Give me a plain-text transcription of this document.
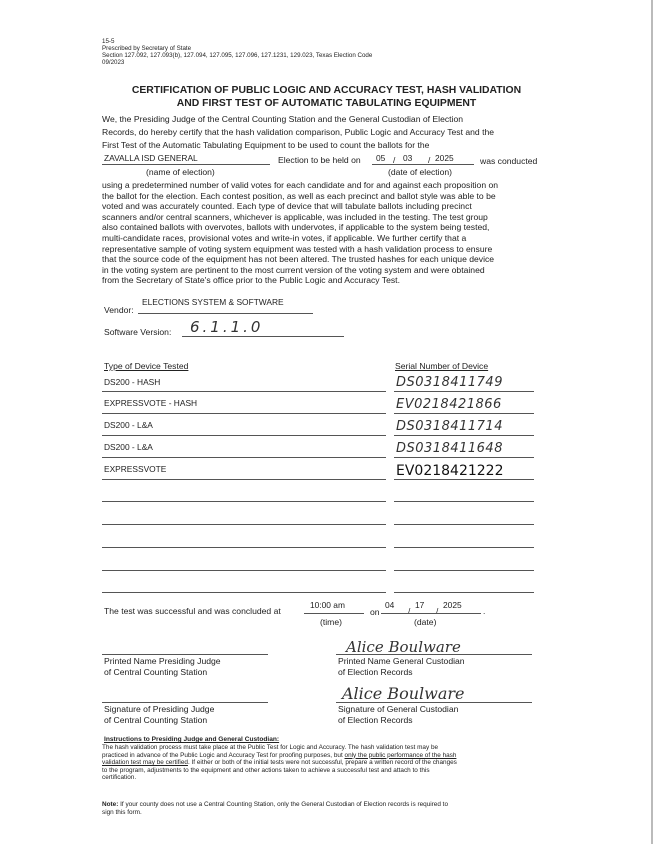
15-5
Prescribed by Secretary of State
Section 127.092, 127.093(b), 127.094, 127.095, 127.096, 127.1231, 129.023, Texas Election Code
09/2023
CERTIFICATION OF PUBLIC LOGIC AND ACCURACY TEST, HASH VALIDATION
AND FIRST TEST OF AUTOMATIC TABULATING EQUIPMENT
We, the Presiding Judge of the Central Counting Station and the General Custodian of Election
Records, do hereby certify that the hash validation comparison, Public Logic and Accuracy Test and the
First Test of the Automatic Tabulating Equipment to be used to count the ballots for the
ZAVALLA ISD GENERAL	Election to be held on 05 / 03 / 2025	was conducted
(name of election)	(date of election)
using a predetermined number of valid votes for each candidate and for and against each proposition on
the ballot for the election. Each contest position, as well as each precinct and ballot style was able to be
voted and was accurately counted. Each type of device that will tabulate ballots including precinct
scanners and/or central scanners, whichever is applicable, was included in the testing. The test group
also contained ballots with overvotes, ballots with undervotes, if applicable to the system being tested,
multi-candidate races, provisional votes and write-in votes, if applicable. We further certify that a
representative sample of voting system equipment was tested with a hash validation process to ensure
that the source code of the equipment has not been altered. The trusted hashes for each unique device
in the voting system are pertinent to the most current version of the voting system and were obtained
from the Secretary of State's office prior to the Public Logic and Accuracy Test.
Vendor:
ELECTIONS SYSTEM & SOFTWARE
Software Version: 6.1.1.0
Type of Device Tested	Serial Number of Device
DS200 - HASH	DS0318411749
EXPRESSVOTE - HASH	EV0218421866
DS200 - L&A	DS0318411714
DS200 - L&A	DS0318411648
EXPRESSVOTE	EV0218421222
The test was successful and was concluded at
10:00 am
on
04
/
17
/
2025
.
(time)	(date)
Printed Name Presiding Judge
of Central Counting Station
Alice Boulware
Printed Name General Custodian
of Election Records
Signature of Presiding Judge
of Central Counting Station
Alice Boulware
Signature of General Custodian
of Election Records
Instructions to Presiding Judge and General Custodian:
The hash validation process must take place at the Public Test for Logic and Accuracy. The hash validation test may be
practiced in advance of the Public Logic and Accuracy Test for proofing purposes, but only the public performance of the hash
validation test may be certified. If either or both of the initial tests were not successful, prepare a written record of the changes
to the program, adjustments to the equipment and other actions taken to achieve a successful test and attach to this
certification.
Note: If your county does not use a Central Counting Station, only the General Custodian of Election records is required to
sign this form.
